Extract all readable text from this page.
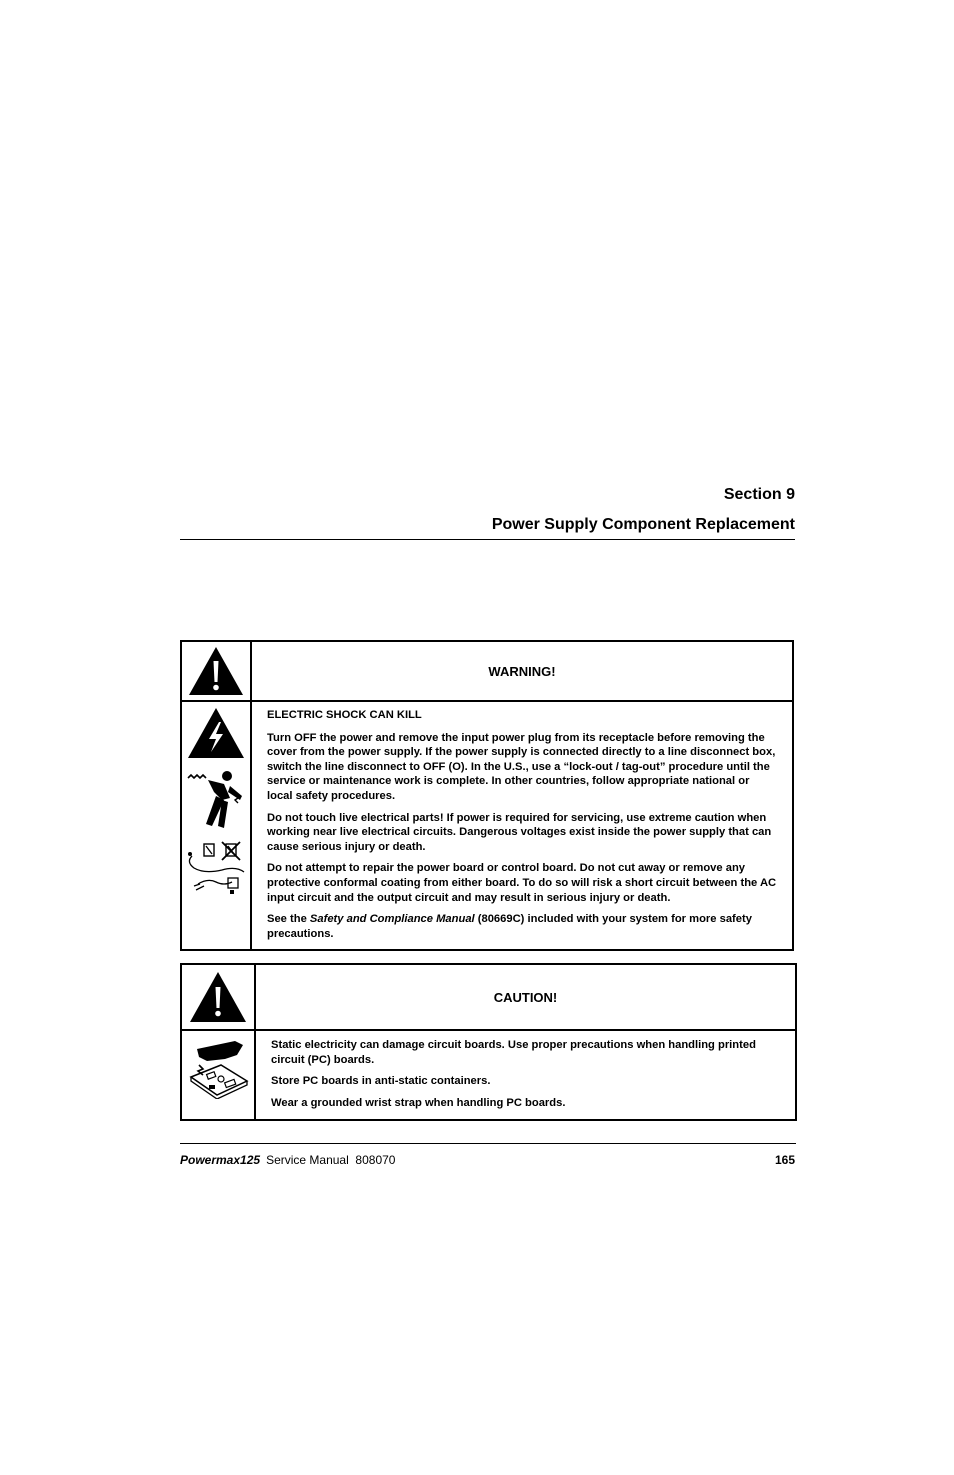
Section 9
Power Supply Component Replacement
WARNING!

ELECTRIC SHOCK CAN KILL

Turn OFF the power and remove the input power plug from its receptacle before removing the cover from the power supply. If the power supply is connected directly to a line disconnect box, switch the line disconnect to OFF (O). In the U.S., use a “lock-out / tag-out” procedure until the service or maintenance work is complete. In other countries, follow appropriate national or local safety procedures.

Do not touch live electrical parts! If power is required for servicing, use extreme caution when working near live electrical circuits. Dangerous voltages exist inside the power supply that can cause serious injury or death.

Do not attempt to repair the power board or control board. Do not cut away or remove any protective conformal coating from either board. To do so will risk a short circuit between the AC input circuit and the output circuit and may result in serious injury or death.

See the Safety and Compliance Manual (80669C) included with your system for more safety precautions.

CAUTION!

Static electricity can damage circuit boards. Use proper precautions when handling printed circuit (PC) boards.

Store PC boards in anti-static containers.

Wear a grounded wrist strap when handling PC boards.

Powermax125 Service Manual  808070	165
